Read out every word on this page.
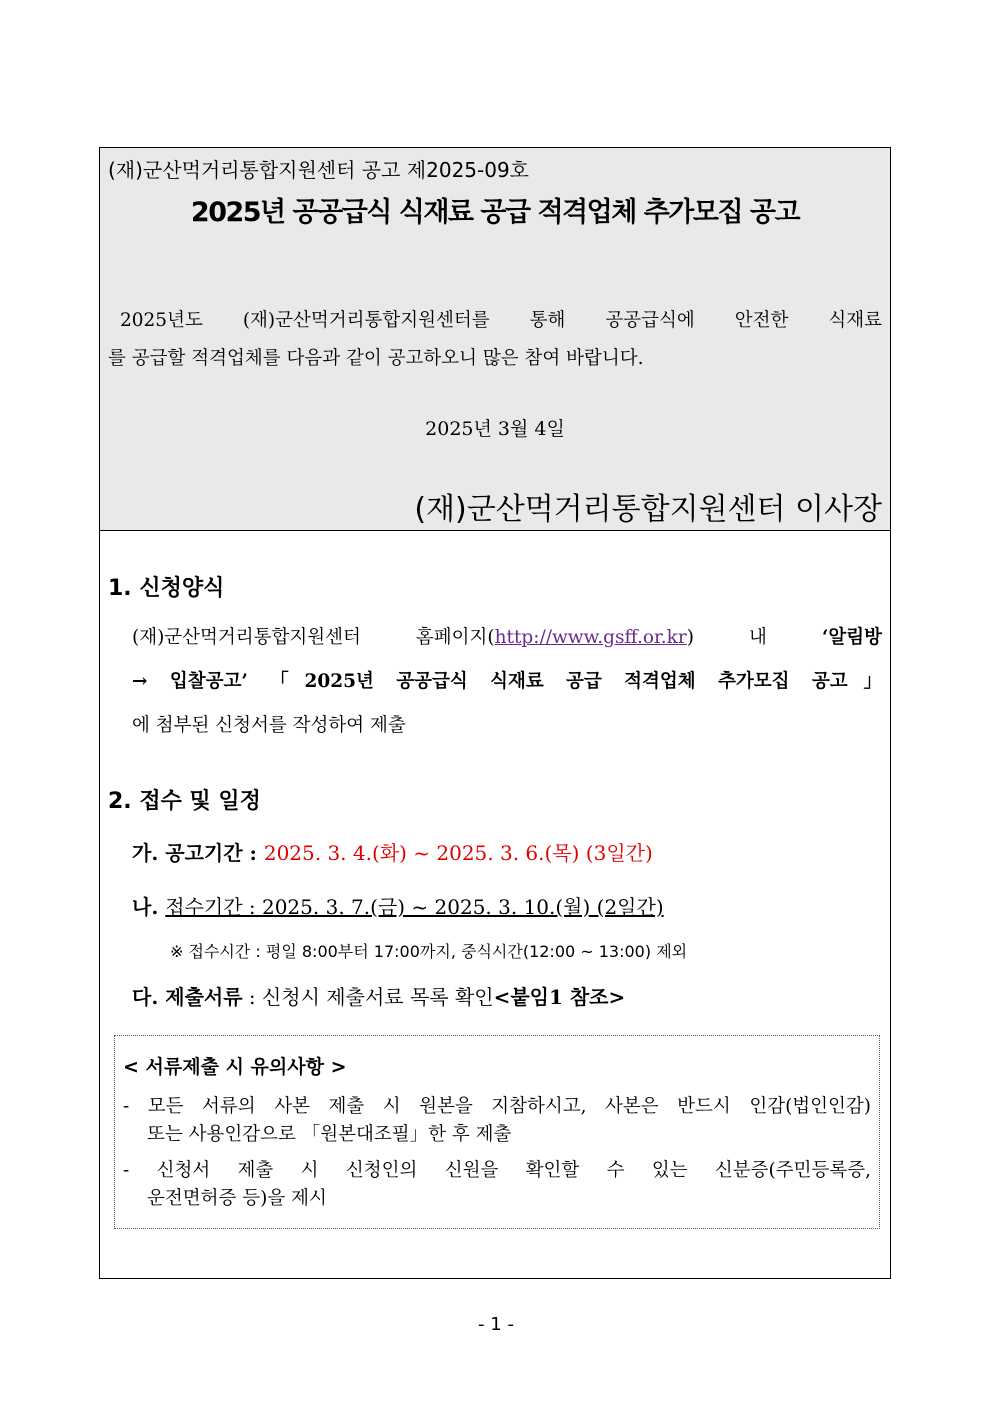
(재)군산먹거리통합지원센터 공고 제2025-09호
2025년 공공급식 식재료 공급 적격업체 추가모집 공고
2025년도 (재)군산먹거리통합지원센터를 통해 공공급식에 안전한 식재료
를 공급할 적격업체를 다음과 같이 공고하오니 많은 참여 바랍니다.
2025년 3월 4일
(재)군산먹거리통합지원센터 이사장
1. 신청양식
(재)군산먹거리통합지원센터 홈페이지(http://www.gsff.or.kr) 내 ‘알림방
→ 입찰공고’ 「2025년 공공급식 식재료 공급 적격업체 추가모집 공고」
에 첨부된 신청서를 작성하여 제출
2. 접수 및 일정
가. 공고기간 : 2025. 3. 4.(화) ~ 2025. 3. 6.(목) (3일간)
나. 접수기간 : 2025. 3. 7.(금) ~ 2025. 3. 10.(월) (2일간)
※ 접수시간 : 평일 8:00부터 17:00까지, 중식시간(12:00 ~ 13:00) 제외
다. 제출서류 : 신청시 제출서료 목록 확인<붙임1 참조>
< 서류제출 시 유의사항 >
- 모든 서류의 사본 제출 시 원본을 지참하시고, 사본은 반드시 인감(법인인감)
또는 사용인감으로 「원본대조필」한 후 제출
- 신청서 제출 시 신청인의 신원을 확인할 수 있는 신분증(주민등록증,
운전면허증 등)을 제시
- 1 -
